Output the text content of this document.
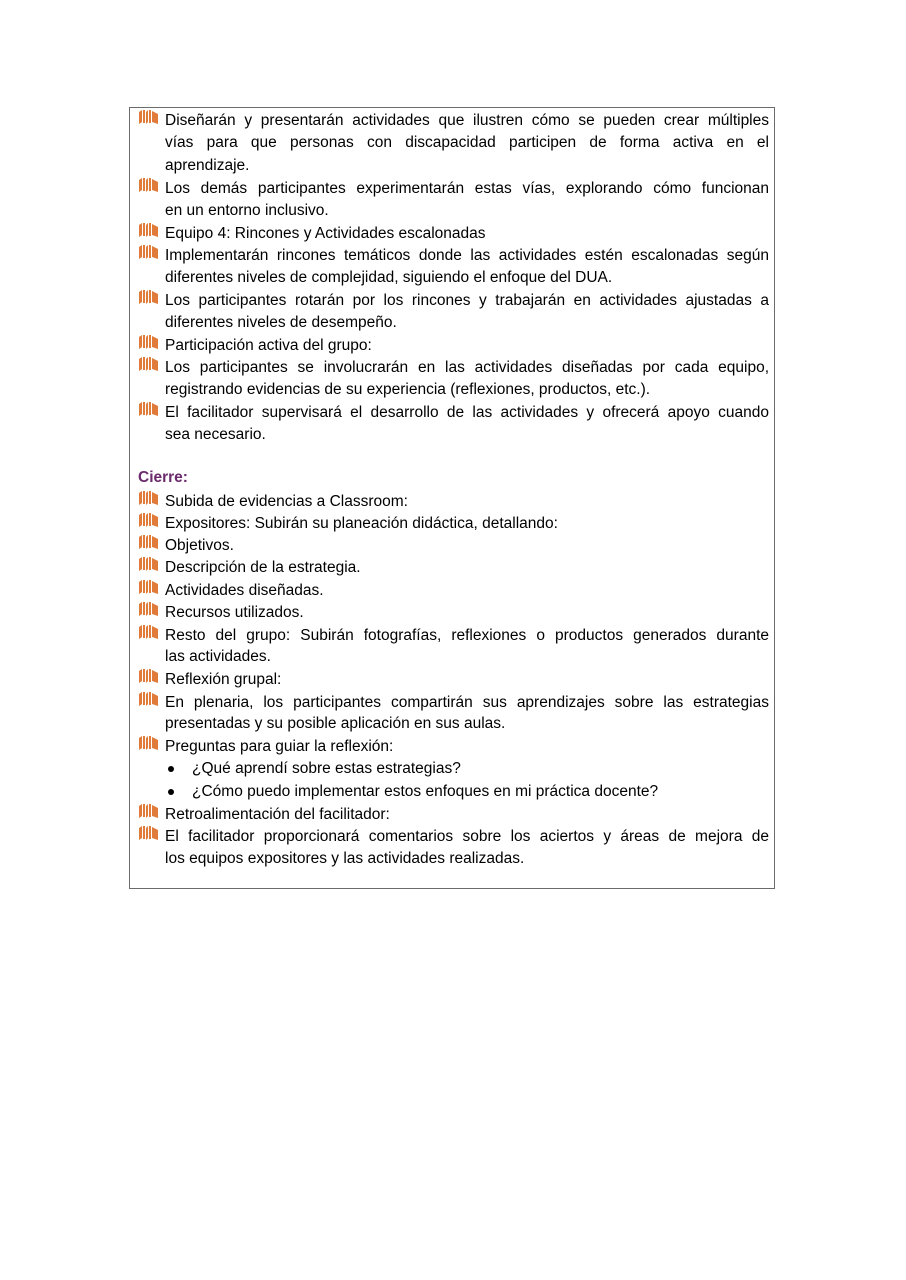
Diseñarán y presentarán actividades que ilustren cómo se pueden crear múltiples
vías para que personas con discapacidad participen de forma activa en el
aprendizaje.
Los demás participantes experimentarán estas vías, explorando cómo funcionan
en un entorno inclusivo.
Equipo 4: Rincones y Actividades escalonadas
Implementarán rincones temáticos donde las actividades estén escalonadas según
diferentes niveles de complejidad, siguiendo el enfoque del DUA.
Los participantes rotarán por los rincones y trabajarán en actividades ajustadas a
diferentes niveles de desempeño.
Participación activa del grupo:
Los participantes se involucrarán en las actividades diseñadas por cada equipo,
registrando evidencias de su experiencia (reflexiones, productos, etc.).
El facilitador supervisará el desarrollo de las actividades y ofrecerá apoyo cuando
sea necesario.
Cierre:
Subida de evidencias a Classroom:
Expositores: Subirán su planeación didáctica, detallando:
Objetivos.
Descripción de la estrategia.
Actividades diseñadas.
Recursos utilizados.
Resto del grupo: Subirán fotografías, reflexiones o productos generados durante
las actividades.
Reflexión grupal:
En plenaria, los participantes compartirán sus aprendizajes sobre las estrategias
presentadas y su posible aplicación en sus aulas.
Preguntas para guiar la reflexión:
¿Qué aprendí sobre estas estrategias?
¿Cómo puedo implementar estos enfoques en mi práctica docente?
Retroalimentación del facilitador:
El facilitador proporcionará comentarios sobre los aciertos y áreas de mejora de
los equipos expositores y las actividades realizadas.
